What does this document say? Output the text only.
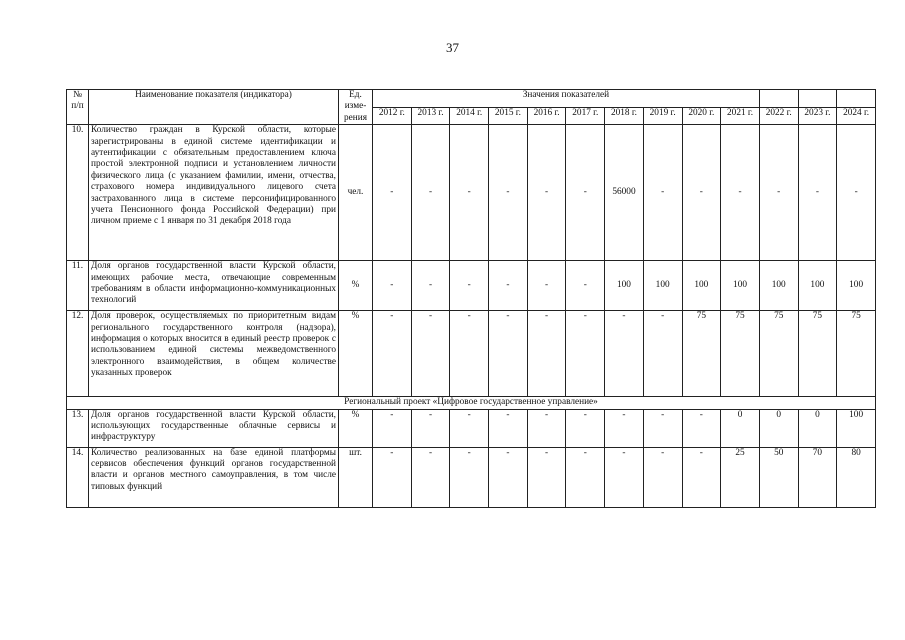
37
№ п/п	Наименование показателя (индикатора)	Ед. изме-рения	Значения показателей												
			2012 г.	2013 г.	2014 г.	2015 г.	2016 г.	2017 г.	2018 г.	2019 г.	2020 г.	2021 г.	2022 г.	2023 г.	2024 г.
10.	Количество граждан в Курской области, которые зарегистрированы в единой системе идентификации и аутентификации с обязательным предоставлением ключа простой электронной подписи и установлением личности физического лица (с указанием фамилии, имени, отчества, страхового номера индивидуального лицевого счета застрахованного лица в системе персонифицированного учета Пенсионного фонда Российской Федерации) при личном приеме с 1 января по 31 декабря 2018 года	чел.	-	-	-	-	-	-	56000	-	-	-	-	-	-
11.	Доля органов государственной власти Курской области, имеющих рабочие места, отвечающие современным требованиям в области информационно-коммуникационных технологий	%	-	-	-	-	-	-	100	100	100	100	100	100	100
12.	Доля проверок, осуществляемых по приоритетным видам регионального государственного контроля (надзора), информация о которых вносится в единый реестр проверок с использованием единой системы межведомственного электронного взаимодействия, в общем количестве указанных проверок	%	-	-	-	-	-	-	-	-	75	75	75	75	75
Региональный проект «Цифровое государственное управление»															
13.	Доля органов государственной власти Курской области, использующих государственные облачные сервисы и инфраструктуру	%	-	-	-	-	-	-	-	-	-	0	0	0	100
14.	Количество реализованных на базе единой платформы сервисов обеспечения функций органов государственной власти и органов местного самоуправления, в том числе типовых функций	шт.	-	-	-	-	-	-	-	-	-	25	50	70	80
